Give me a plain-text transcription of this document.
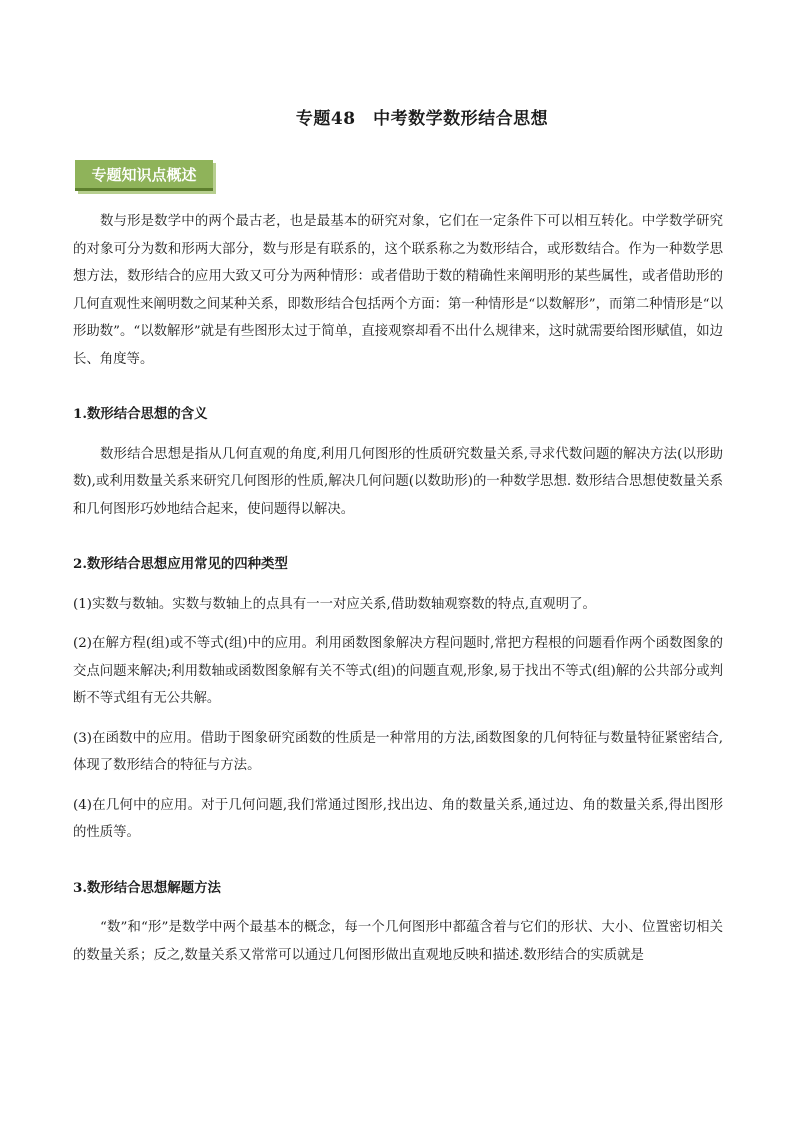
专题48　中考数学数形结合思想
专题知识点概述 ↵

数与形是数学中的两个最古老，也是最基本的研究对象，它们在一定条件下可以相互转化。中学数学研究的对象可分为数和形两大部分，数与形是有联系的，这个联系称之为数形结合，或形数结合。作为一种数学思想方法，数形结合的应用大致又可分为两种情形：或者借助于数的精确性来阐明形的某些属性，或者借助形的几何直观性来阐明数之间某种关系，即数形结合包括两个方面：第一种情形是“以数解形”，而第二种情形是“以形助数”。“以数解形”就是有些图形太过于简单，直接观察却看不出什么规律来，这时就需要给图形赋值，如边长、角度等。

1.数形结合思想的含义

数形结合思想是指从几何直观的角度,利用几何图形的性质研究数量关系,寻求代数问题的解决方法(以形助数),或利用数量关系来研究几何图形的性质,解决几何问题(以数助形)的一种数学思想. 数形结合思想使数量关系和几何图形巧妙地结合起来，使问题得以解决。

2.数形结合思想应用常见的四种类型

(1)实数与数轴。实数与数轴上的点具有一一对应关系,借助数轴观察数的特点,直观明了。

(2)在解方程(组)或不等式(组)中的应用。利用函数图象解决方程问题时,常把方程根的问题看作两个函数图象的交点问题来解决;利用数轴或函数图象解有关不等式(组)的问题直观,形象,易于找出不等式(组)解的公共部分或判断不等式组有无公共解。

(3)在函数中的应用。借助于图象研究函数的性质是一种常用的方法,函数图象的几何特征与数量特征紧密结合,体现了数形结合的特征与方法。

(4)在几何中的应用。对于几何问题,我们常通过图形,找出边、角的数量关系,通过边、角的数量关系,得出图形的性质等。

3.数形结合思想解题方法

“数”和“形”是数学中两个最基本的概念，每一个几何图形中都蕴含着与它们的形状、大小、位置密切相关的数量关系；反之,数量关系又常常可以通过几何图形做出直观地反映和描述.数形结合的实质就是
